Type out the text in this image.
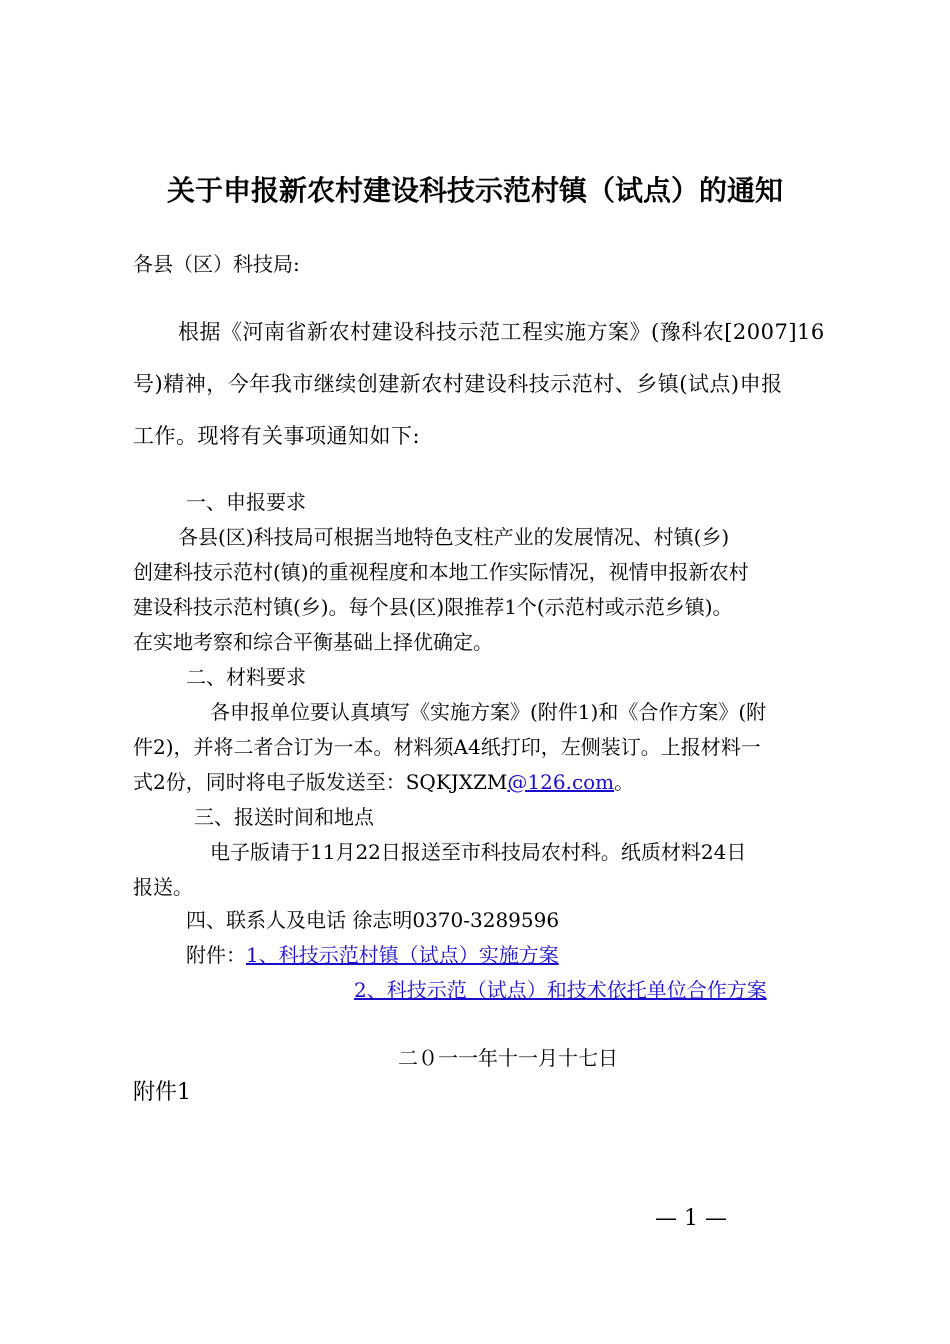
关于申报新农村建设科技示范村镇（试点）的通知
各县（区）科技局:
根据《河南省新农村建设科技示范工程实施方案》(豫科农[2007]16
号)精神，今年我市继续创建新农村建设科技示范村、乡镇(试点)申报
工作。现将有关事项通知如下:
一、申报要求
各县(区)科技局可根据当地特色支柱产业的发展情况、村镇(乡)
创建科技示范村(镇)的重视程度和本地工作实际情况，视情申报新农村
建设科技示范村镇(乡)。每个县(区)限推荐1个(示范村或示范乡镇)。
在实地考察和综合平衡基础上择优确定。
二、材料要求
各申报单位要认真填写《实施方案》(附件1)和《合作方案》(附
件2)，并将二者合订为一本。材料须A4纸打印，左侧装订。上报材料一
式2份，同时将电子版发送至：SQKJXZM@126.com。
三、报送时间和地点
电子版请于11月22日报送至市科技局农村科。纸质材料24日
报送。
四、联系人及电话 徐志明0370-3289596
附件：1、科技示范村镇（试点）实施方案
2、科技示范（试点）和技术依托单位合作方案
二０一一年十一月十七日
附件1
— 1 —
